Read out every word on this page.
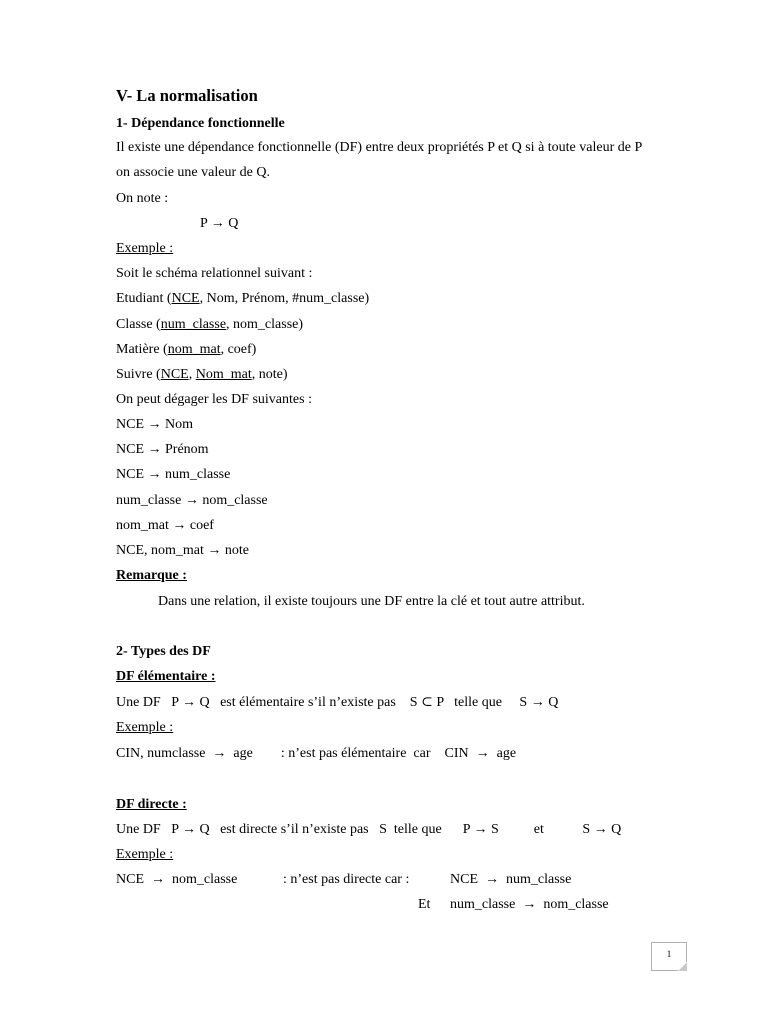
V- La normalisation
1- Dépendance fonctionnelle
Il existe une dépendance fonctionnelle (DF) entre deux propriétés P et Q si à toute valeur de P
on associe une valeur de Q.
On note :
P → Q
Exemple :
Soit le schéma relationnel suivant :
Etudiant (NCE, Nom, Prénom, #num_classe)
Classe (num_classe, nom_classe)
Matière (nom_mat, coef)
Suivre (NCE, Nom_mat, note)
On peut dégager les DF suivantes :
NCE → Nom
NCE → Prénom
NCE → num_classe
num_classe → nom_classe
nom_mat → coef
NCE, nom_mat → note
Remarque :
Dans une relation, il existe toujours une DF entre la clé et tout autre attribut.
2- Types des DF
DF élémentaire :
Une DF   P → Q   est élémentaire s’il n’existe pas    S ⊂ P   telle que     S → Q
Exemple :
CIN, numclasse  →  age        : n’est pas élémentaire  car    CIN  →  age
DF directe :
Une DF   P → Q   est directe s’il n’existe pas   S  telle que      P → S          et           S → Q
Exemple :
NCE  →  nom_classe	: n’est pas directe car :	NCE  →  num_classe
Et num_classe  →  nom_classe
1
